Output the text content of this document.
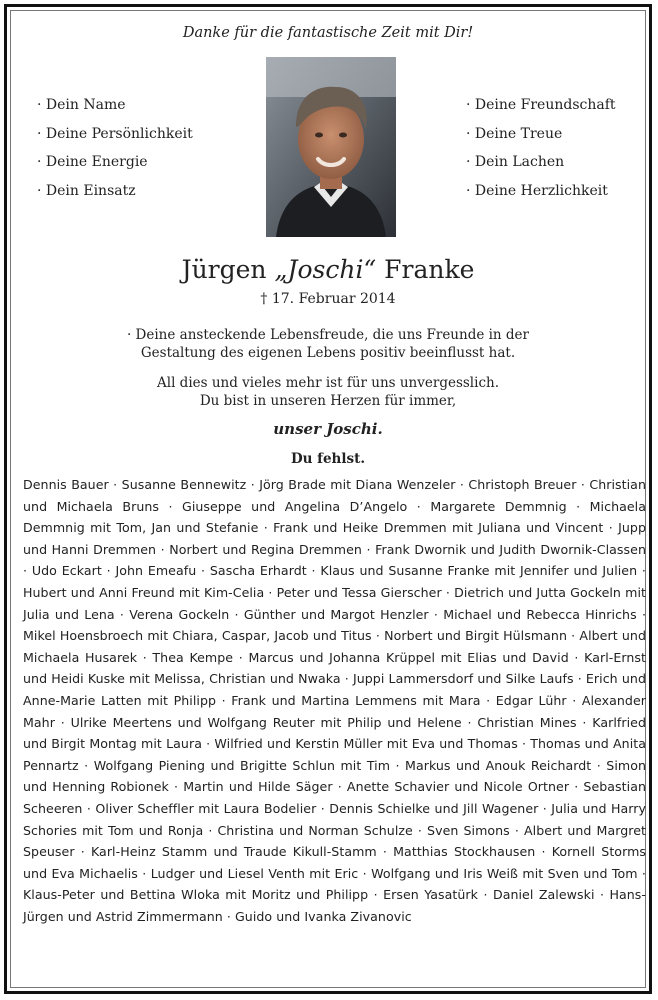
Danke für die fantastische Zeit mit Dir!
· Dein Name
· Deine Persönlichkeit
· Deine Energie
· Dein Einsatz
· Deine Freundschaft
· Deine Treue
· Dein Lachen
· Deine Herzlichkeit
Jürgen „Joschi“ Franke
† 17. Februar 2014
· Deine ansteckende Lebensfreude, die uns Freunde in der Gestaltung des eigenen Lebens positiv beeinflusst hat.
All dies und vieles mehr ist für uns unvergesslich.
Du bist in unseren Herzen für immer,
unser Joschi.
Du fehlst.
Dennis Bauer · Susanne Bennewitz · Jörg Brade mit Diana Wenzeler · Christoph Breuer · Christian und Michaela Bruns · Giuseppe und Angelina D’Angelo · Margarete Demmnig · Michaela Demmnig mit Tom, Jan und Stefanie · Frank und Heike Dremmen mit Juliana und Vincent · Jupp und Hanni Dremmen · Norbert und Regina Dremmen · Frank Dwornik und Judith Dwornik-Classen · Udo Eckart · John Emeafu · Sascha Erhardt · Klaus und Susanne Franke mit Jennifer und Julien · Hubert und Anni Freund mit Kim-Celia · Peter und Tessa Gierscher · Dietrich und Jutta Gockeln mit Julia und Lena · Verena Gockeln · Günther und Margot Henzler · Michael und Rebecca Hinrichs · Mikel Hoensbroech mit Chiara, Caspar, Jacob und Titus · Norbert und Birgit Hülsmann · Albert und Michaela Husarek · Thea Kempe · Marcus und Johanna Krüppel mit Elias und David · Karl-Ernst und Heidi Kuske mit Melissa, Christian und Nwaka · Juppi Lammersdorf und Silke Laufs · Erich und Anne-Marie Latten mit Philipp · Frank und Martina Lemmens mit Mara · Edgar Lühr · Alexander Mahr · Ulrike Meertens und Wolfgang Reuter mit Philip und Helene · Christian Mines · Karlfried und Birgit Montag mit Laura · Wilfried und Kerstin Müller mit Eva und Thomas · Thomas und Anita Pennartz · Wolfgang Piening und Brigitte Schlun mit Tim · Markus und Anouk Reichardt · Simon und Henning Robionek · Martin und Hilde Säger · Anette Schavier und Nicole Ortner · Sebastian Scheeren · Oliver Scheffler mit Laura Bodelier · Dennis Schielke und Jill Wagener · Julia und Harry Schories mit Tom und Ronja · Christina und Norman Schulze · Sven Simons · Albert und Margret Speuser · Karl-Heinz Stamm und Traude Kikull-Stamm · Matthias Stockhausen · Kornell Storms und Eva Michaelis · Ludger und Liesel Venth mit Eric · Wolfgang und Iris Weiß mit Sven und Tom · Klaus-Peter und Bettina Wloka mit Moritz und Philipp · Ersen Yasatürk · Daniel Zalewski · Hans-Jürgen und Astrid Zimmermann · Guido und Ivanka Zivanovic
